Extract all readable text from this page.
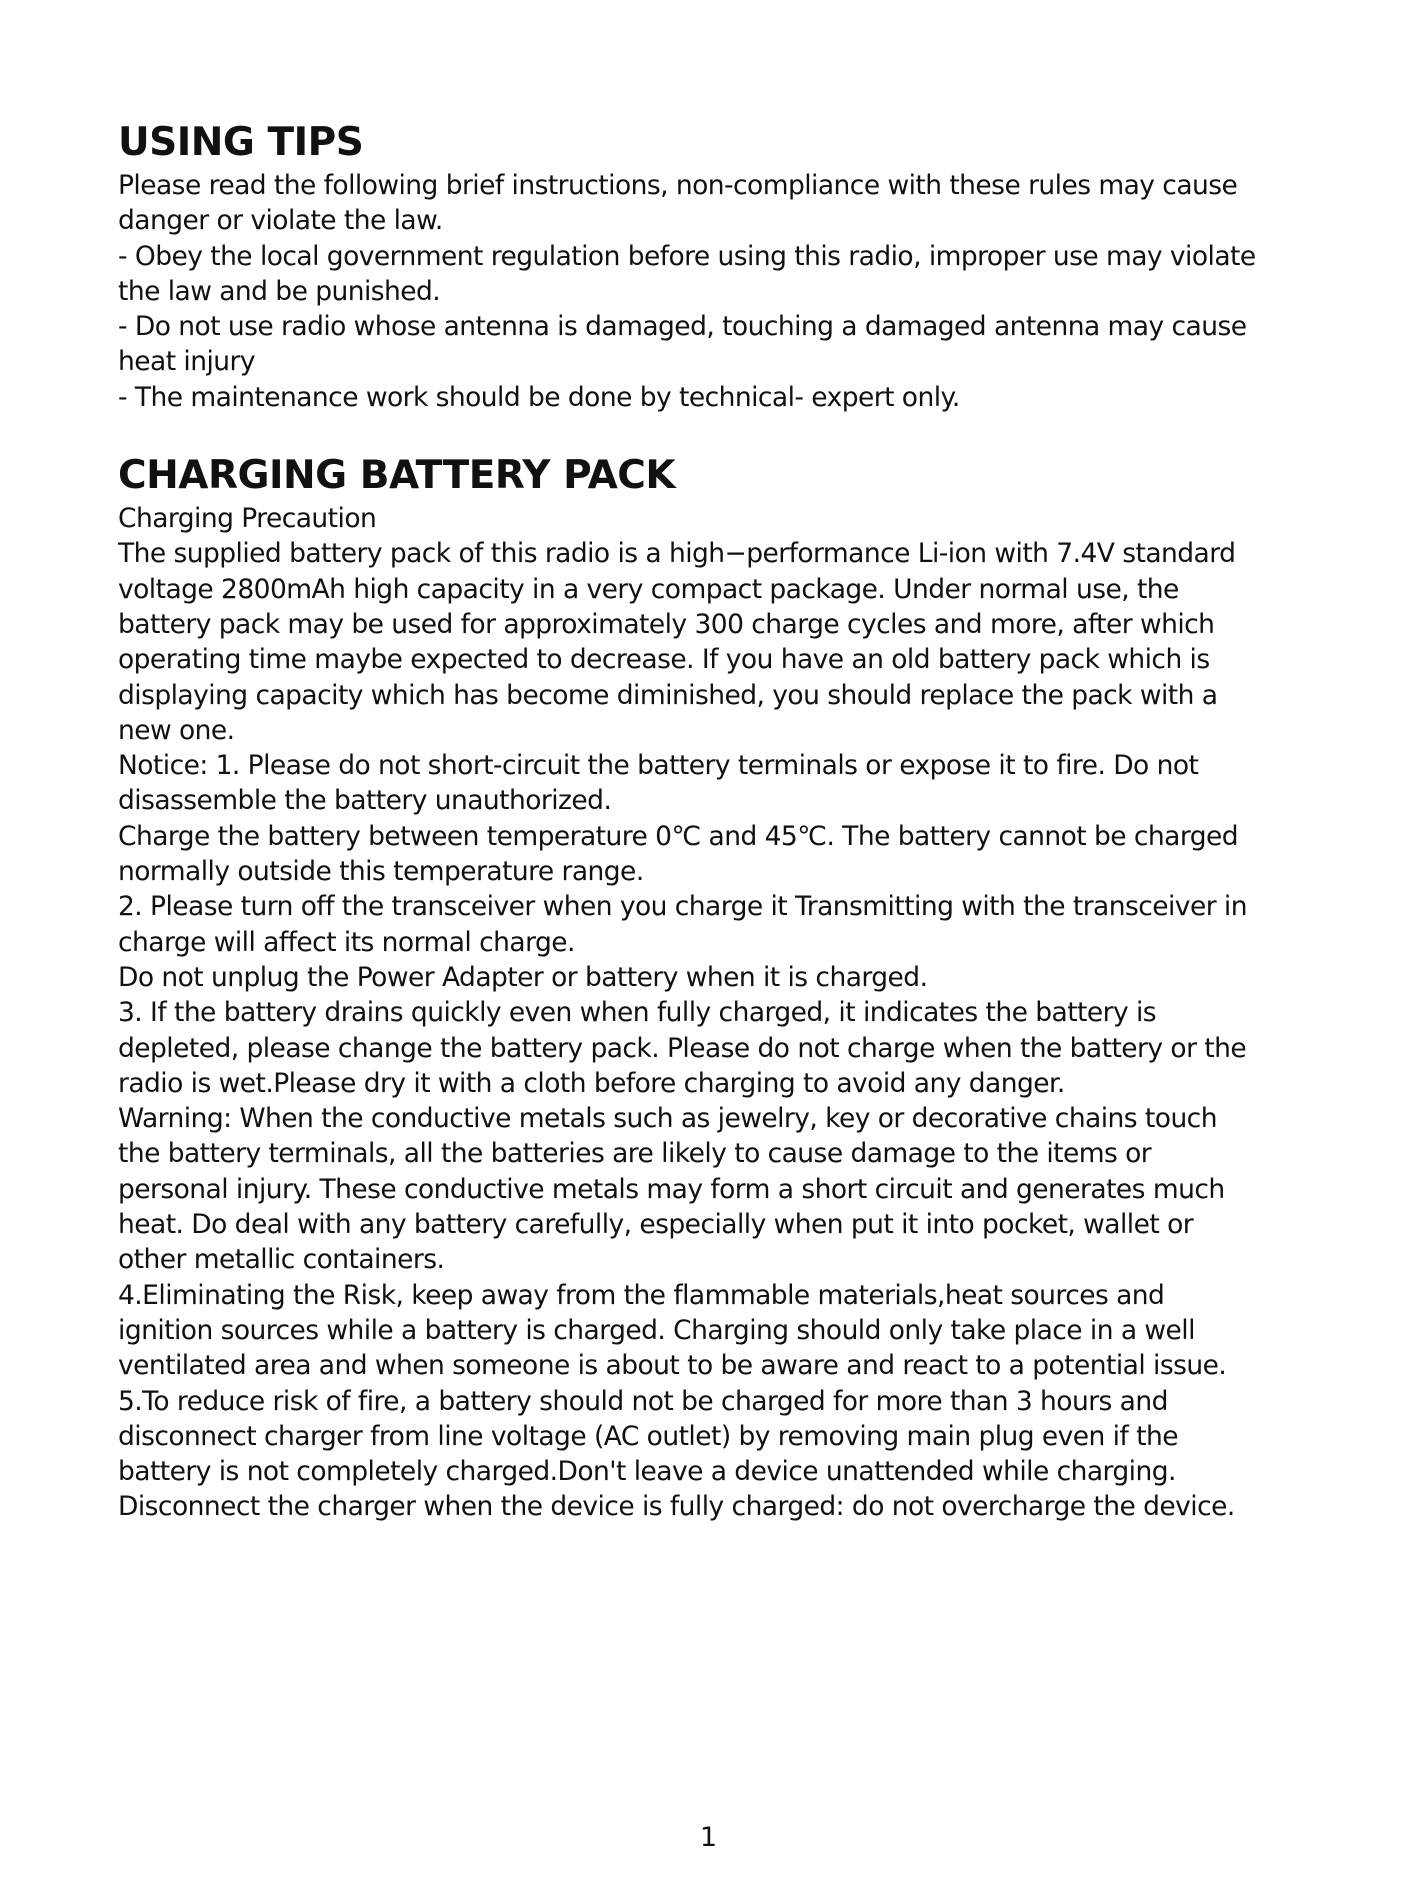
USING TIPS

Please read the following brief instructions, non-compliance with these rules may cause

danger or violate the law.

- Obey the local government regulation before using this radio, improper use may violate

the law and be punished.

- Do not use radio whose antenna is damaged, touching a damaged antenna may cause

heat injury

- The maintenance work should be done by technical- expert only.

CHARGING BATTERY PACK

Charging Precaution

The supplied battery pack of this radio is a high−performance Li-ion with 7.4V standard

voltage 2800mAh high capacity in a very compact package. Under normal use, the

battery pack may be used for approximately 300 charge cycles and more, after which

operating time maybe expected to decrease. If you have an old battery pack which is

displaying capacity which has become diminished, you should replace the pack with a

new one.

Notice: 1. Please do not short-circuit the battery terminals or expose it to fire. Do not

disassemble the battery unauthorized.

Charge the battery between temperature 0℃ and 45℃. The battery cannot be charged

normally outside this temperature range.

2. Please turn off the transceiver when you charge it Transmitting with the transceiver in

charge will affect its normal charge.

Do not unplug the Power Adapter or battery when it is charged.

3. If the battery drains quickly even when fully charged, it indicates the battery is

depleted, please change the battery pack. Please do not charge when the battery or the

radio is wet.Please dry it with a cloth before charging to avoid any danger.

Warning: When the conductive metals such as jewelry, key or decorative chains touch

the battery terminals, all the batteries are likely to cause damage to the items or

personal injury. These conductive metals may form a short circuit and generates much

heat. Do deal with any battery carefully, especially when put it into pocket, wallet or

other metallic containers.

4.Eliminating the Risk, keep away from the flammable materials,heat sources and

ignition sources while a battery is charged. Charging should only take place in a well

ventilated area and when someone is about to be aware and react to a potential issue.

5.To reduce risk of fire, a battery should not be charged for more than 3 hours and

disconnect charger from line voltage (AC outlet) by removing main plug even if the

battery is not completely charged.Don't leave a device unattended while charging.

Disconnect the charger when the device is fully charged: do not overcharge the device.

1
